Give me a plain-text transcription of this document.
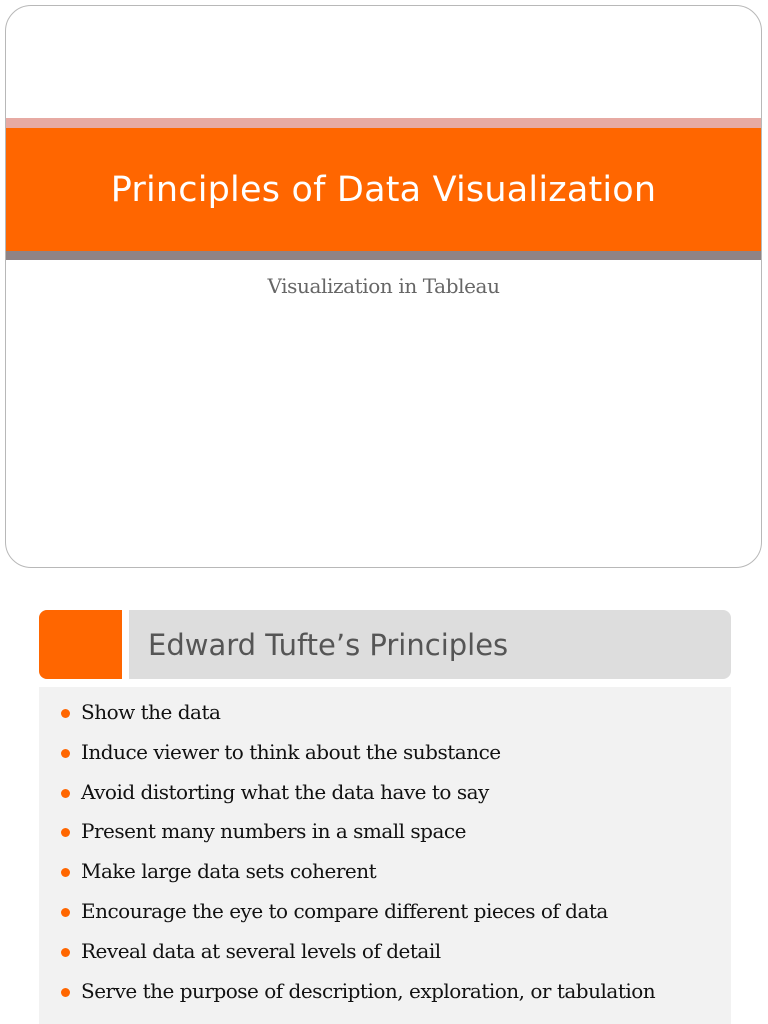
Principles of Data Visualization
Visualization in Tableau
Edward Tufte’s Principles
Show the data
Induce viewer to think about the substance
Avoid distorting what the data have to say
Present many numbers in a small space
Make large data sets coherent
Encourage the eye to compare different pieces of data
Reveal data at several levels of detail
Serve the purpose of description, exploration, or tabulation
